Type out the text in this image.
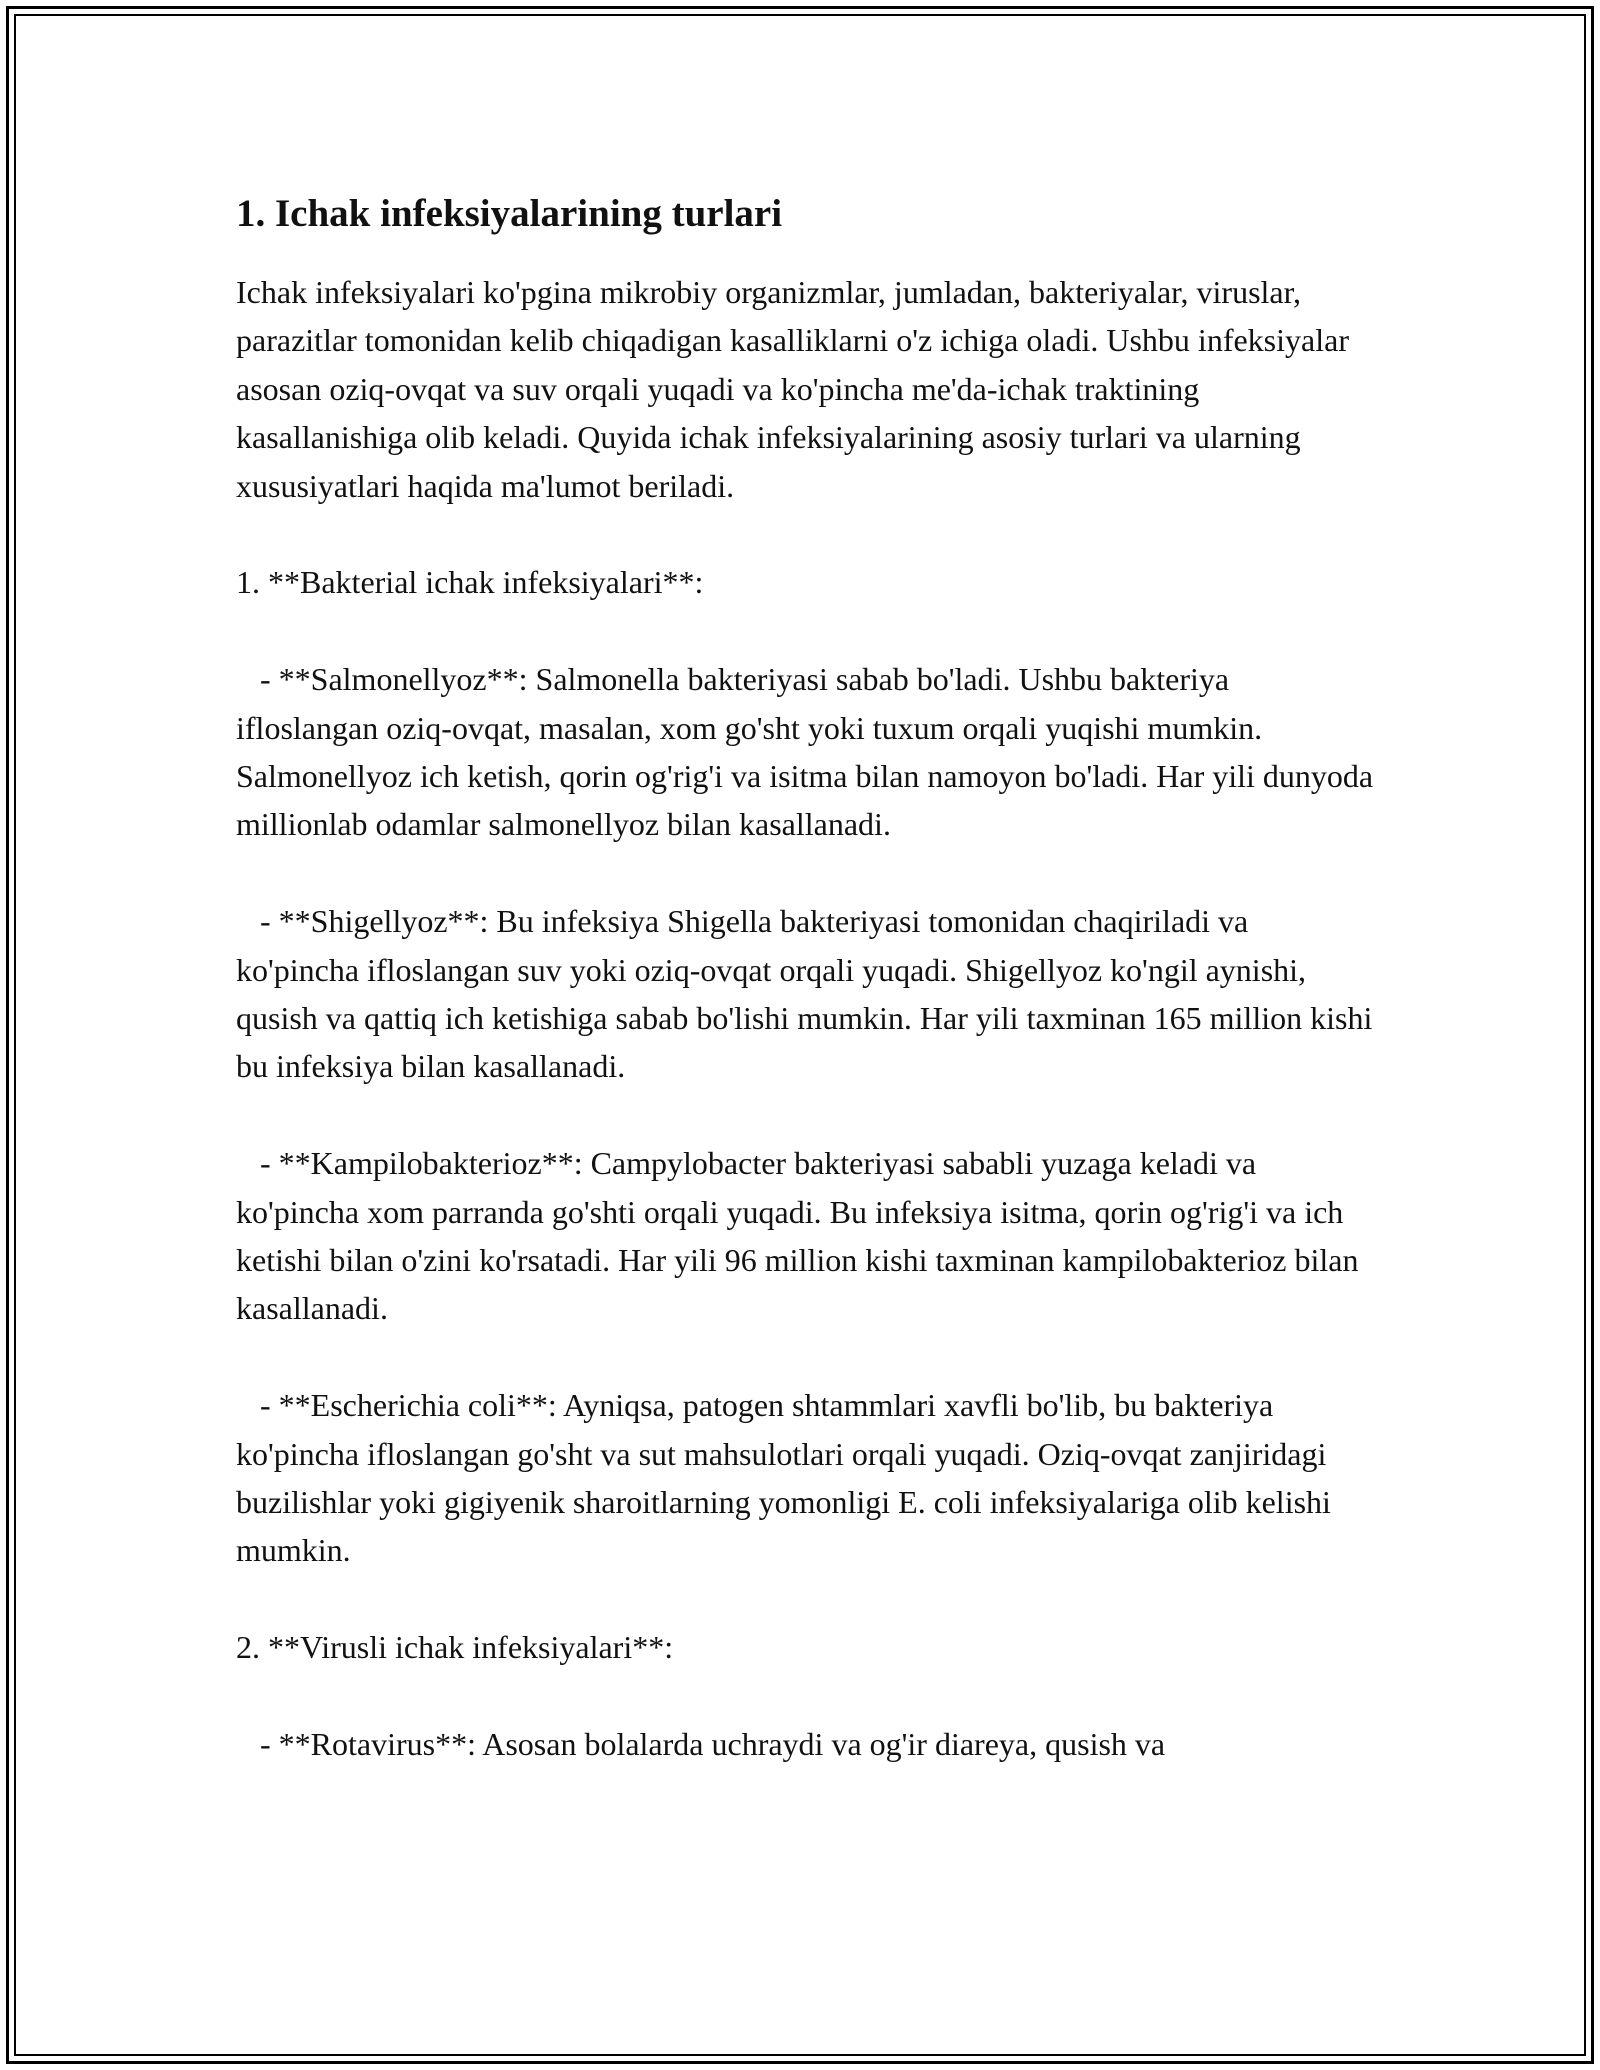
1. Ichak infeksiyalarining turlari

Ichak infeksiyalari ko'pgina mikrobiy organizmlar, jumladan, bakteriyalar, viruslar, parazitlar tomonidan kelib chiqadigan kasalliklarni o'z ichiga oladi. Ushbu infeksiyalar asosan oziq-ovqat va suv orqali yuqadi va ko'pincha me'da-ichak traktining kasallanishiga olib keladi. Quyida ichak infeksiyalarining asosiy turlari va ularning xususiyatlari haqida ma'lumot beriladi.

1. **Bakterial ichak infeksiyalari**:

- **Salmonellyoz**: Salmonella bakteriyasi sabab bo'ladi. Ushbu bakteriya ifloslangan oziq-ovqat, masalan, xom go'sht yoki tuxum orqali yuqishi mumkin. Salmonellyoz ich ketish, qorin og'rig'i va isitma bilan namoyon bo'ladi. Har yili dunyoda millionlab odamlar salmonellyoz bilan kasallanadi.

- **Shigellyoz**: Bu infeksiya Shigella bakteriyasi tomonidan chaqiriladi va ko'pincha ifloslangan suv yoki oziq-ovqat orqali yuqadi. Shigellyoz ko'ngil aynishi, qusish va qattiq ich ketishiga sabab bo'lishi mumkin. Har yili taxminan 165 million kishi bu infeksiya bilan kasallanadi.

- **Kampilobakterioz**: Campylobacter bakteriyasi sababli yuzaga keladi va ko'pincha xom parranda go'shti orqali yuqadi. Bu infeksiya isitma, qorin og'rig'i va ich ketishi bilan o'zini ko'rsatadi. Har yili 96 million kishi taxminan kampilobakterioz bilan kasallanadi.

- **Escherichia coli**: Ayniqsa, patogen shtammlari xavfli bo'lib, bu bakteriya ko'pincha ifloslangan go'sht va sut mahsulotlari orqali yuqadi. Oziq-ovqat zanjiridagi buzilishlar yoki gigiyenik sharoitlarning yomonligi E. coli infeksiyalariga olib kelishi mumkin.

2. **Virusli ichak infeksiyalari**:

- **Rotavirus**: Asosan bolalarda uchraydi va og'ir diareya, qusish va
